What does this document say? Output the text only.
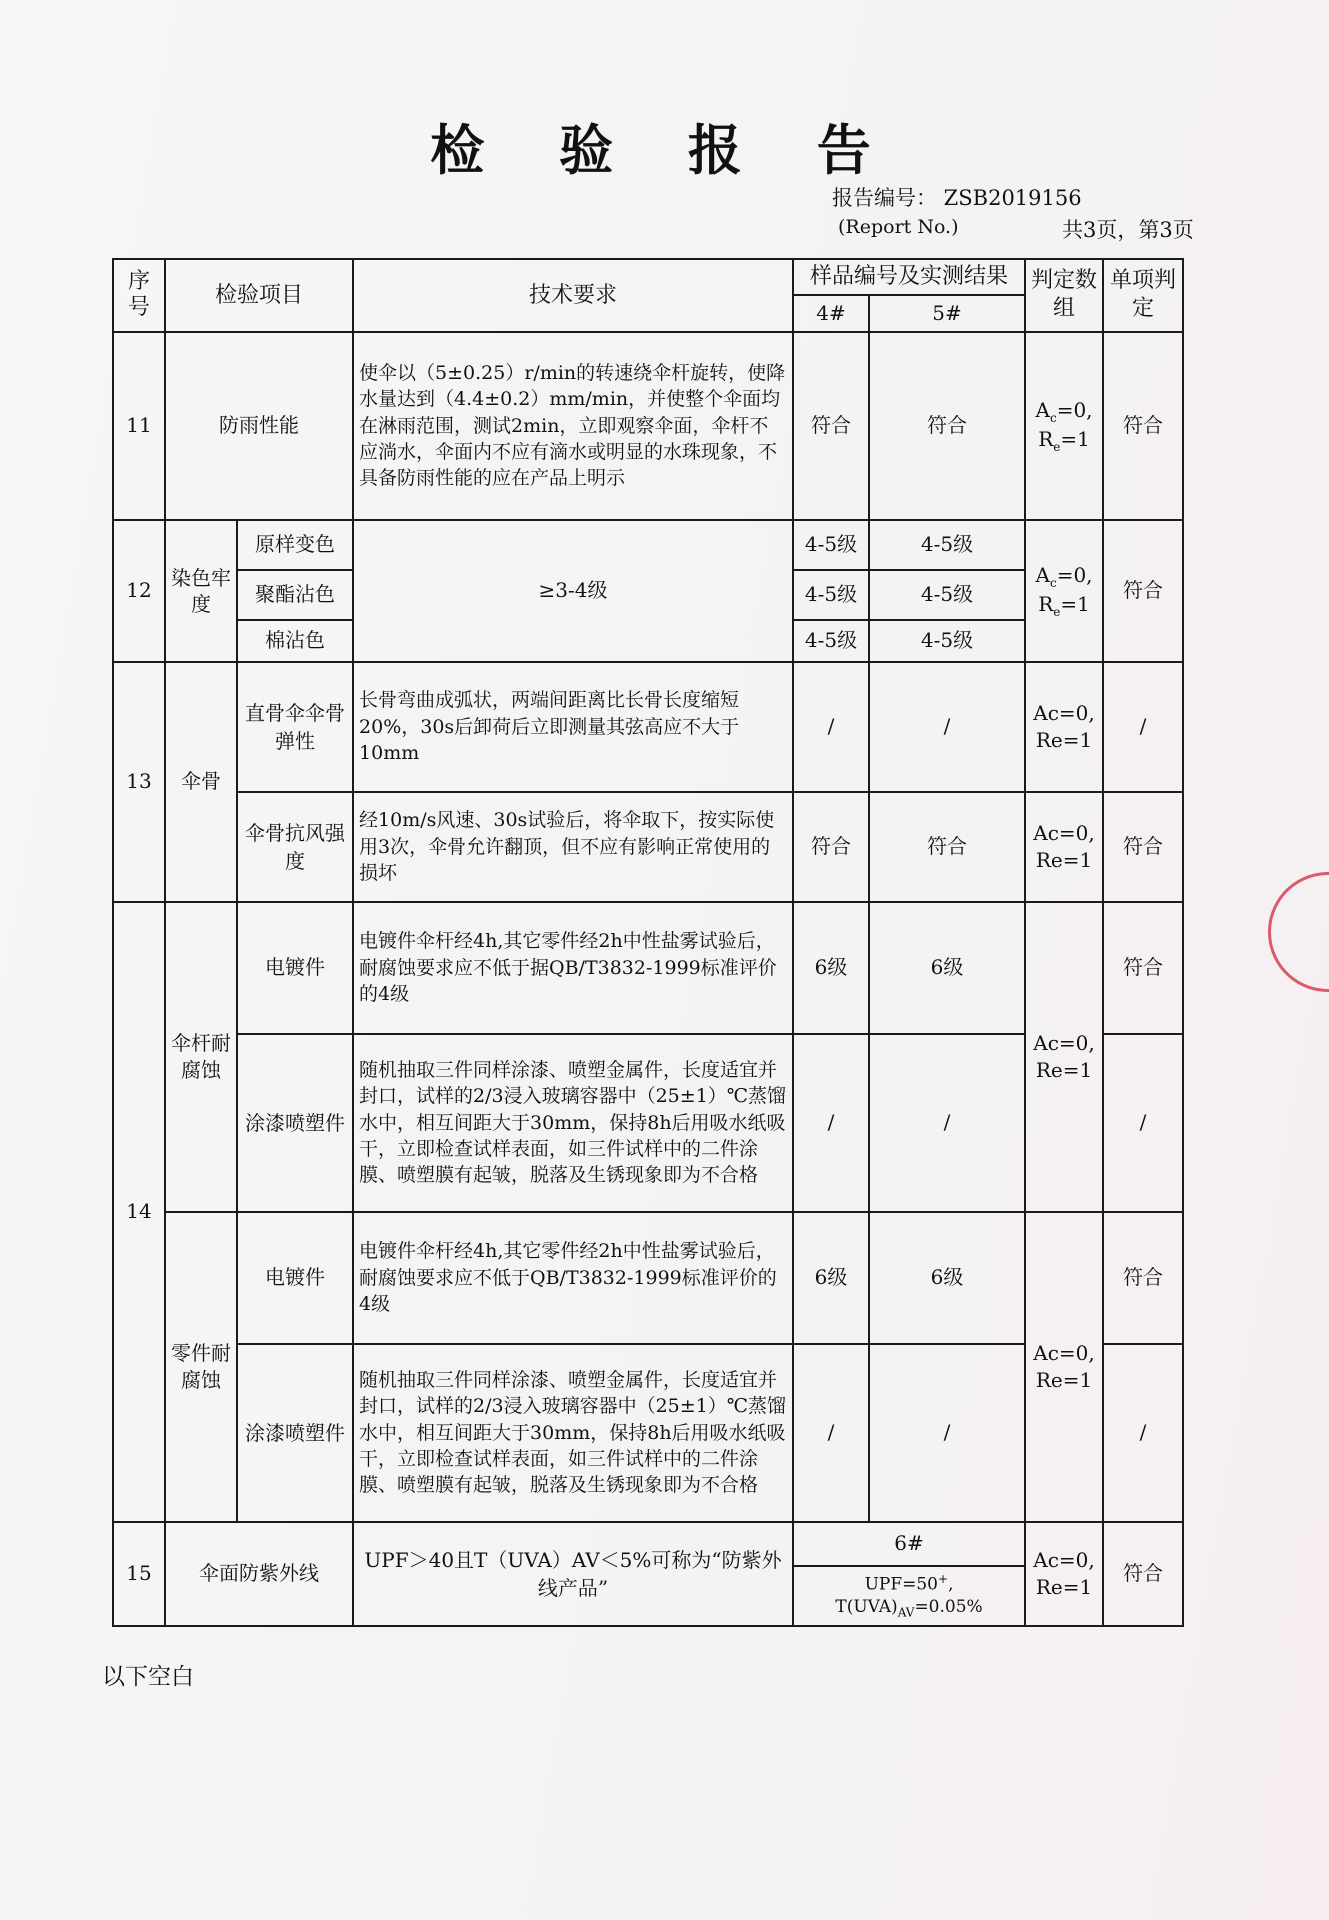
检 验 报 告
报告编号： ZSB2019156
(Report No.)	共3页，第3页
序号	检验项目		技术要求	样品编号及实测结果		判定数组	单项判定
				4#	5#		
11	防雨性能		使伞以（5±0.25）r/min的转速绕伞杆旋转，使降水量达到（4.4±0.2）mm/min，并使整个伞面均在淋雨范围，测试2min，立即观察伞面，伞杆不应淌水，伞面内不应有滴水或明显的水珠现象，不具备防雨性能的应在产品上明示	符合	符合	$A_c=0$,
$R_e=1$	符合
12	染色牢度	原样变色	≥3-4级	4-5级	4-5级	$A_c=0$,
$R_e=1$	符合
		聚酯沾色		4-5级	4-5级		
		棉沾色		4-5级	4-5级		
13	伞骨	直骨伞伞骨弹性	长骨弯曲成弧状，两端间距离比长骨长度缩短20%，30s后卸荷后立即测量其弦高应不大于10mm	/	/	Ac=0,
Re=1	/
		伞骨抗风强度	经10m/s风速、30s试验后，将伞取下，按实际使用3次，伞骨允许翻顶，但不应有影响正常使用的损坏	符合	符合	Ac=0,
Re=1	符合
14	伞杆耐腐蚀	电镀件	电镀件伞杆经4h,其它零件经2h中性盐雾试验后，耐腐蚀要求应不低于据QB/T3832-1999标准评价的4级	6级	6级	Ac=0,
Re=1	符合
		涂漆喷塑件	随机抽取三件同样涂漆、喷塑金属件，长度适宜并封口，试样的2/3浸入玻璃容器中（25±1）℃蒸馏水中，相互间距大于30mm，保持8h后用吸水纸吸干，立即检查试样表面，如三件试样中的二件涂膜、喷塑膜有起皱，脱落及生锈现象即为不合格	/	/		/
	零件耐腐蚀	电镀件	电镀件伞杆经4h,其它零件经2h中性盐雾试验后，耐腐蚀要求应不低于QB/T3832-1999标准评价的4级	6级	6级	Ac=0,
Re=1	符合
		涂漆喷塑件	随机抽取三件同样涂漆、喷塑金属件，长度适宜并封口，试样的2/3浸入玻璃容器中（25±1）℃蒸馏水中，相互间距大于30mm，保持8h后用吸水纸吸干，立即检查试样表面，如三件试样中的二件涂膜、喷塑膜有起皱，脱落及生锈现象即为不合格	/	/		/
15	伞面防紫外线		UPF＞40且T（UVA）AV＜5%可称为“防紫外线产品”	6#		Ac=0,
Re=1	符合
				UPF=50+, $T(UVA)_{AV}=0.05\%$			
以下空白
